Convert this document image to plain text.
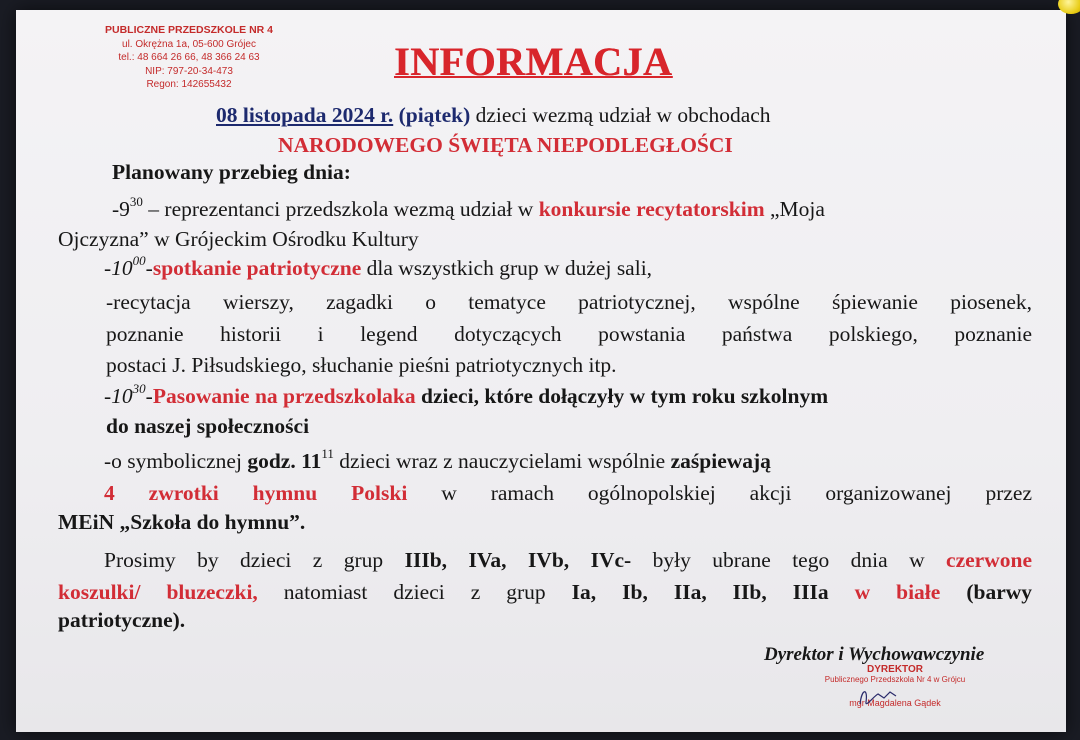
PUBLICZNE PRZEDSZKOLE NR 4
ul. Okrężna 1a, 05-600 Grójec
tel.: 48 664 26 66, 48 366 24 63
NIP: 797-20-34-473
Regon: 142655432
INFORMACJA
08 listopada 2024 r. (piątek) dzieci wezmą udział w obchodach
NARODOWEGO ŚWIĘTA NIEPODLEGŁOŚCI
Planowany przebieg dnia:
$-9^{30}$ – reprezentanci przedszkola wezmą udział w konkursie recytatorskim „Moja
Ojczyzna” w Grójeckim Ośrodku Kultury
$-10^{00}$-spotkanie patriotyczne dla wszystkich grup w dużej sali,
-recytacja wierszy, zagadki o tematyce patriotycznej, wspólne śpiewanie piosenek,
poznanie historii i legend dotyczących powstania państwa polskiego, poznanie
postaci J. Piłsudskiego, słuchanie pieśni patriotycznych itp.
$-10^{30}$-Pasowanie na przedszkolaka dzieci, które dołączyły w tym roku szkolnym
do naszej społeczności
-o symbolicznej godz. $11^{11}$ dzieci wraz z nauczycielami wspólnie zaśpiewają
4 zwrotki hymnu Polski w ramach ogólnopolskiej akcji organizowanej przez
MEiN „Szkoła do hymnu”.
Prosimy by dzieci z grup IIIb, IVa, IVb, IVc- były ubrane tego dnia w czerwone
koszulki/ bluzeczki, natomiast dzieci z grup Ia, Ib, IIa, IIb, IIIa w białe (barwy
patriotyczne).
Dyrektor i Wychowawczynie
DYREKTOR
Publicznego Przedszkola Nr 4 w Grójcu
mgr Magdalena Gądek
